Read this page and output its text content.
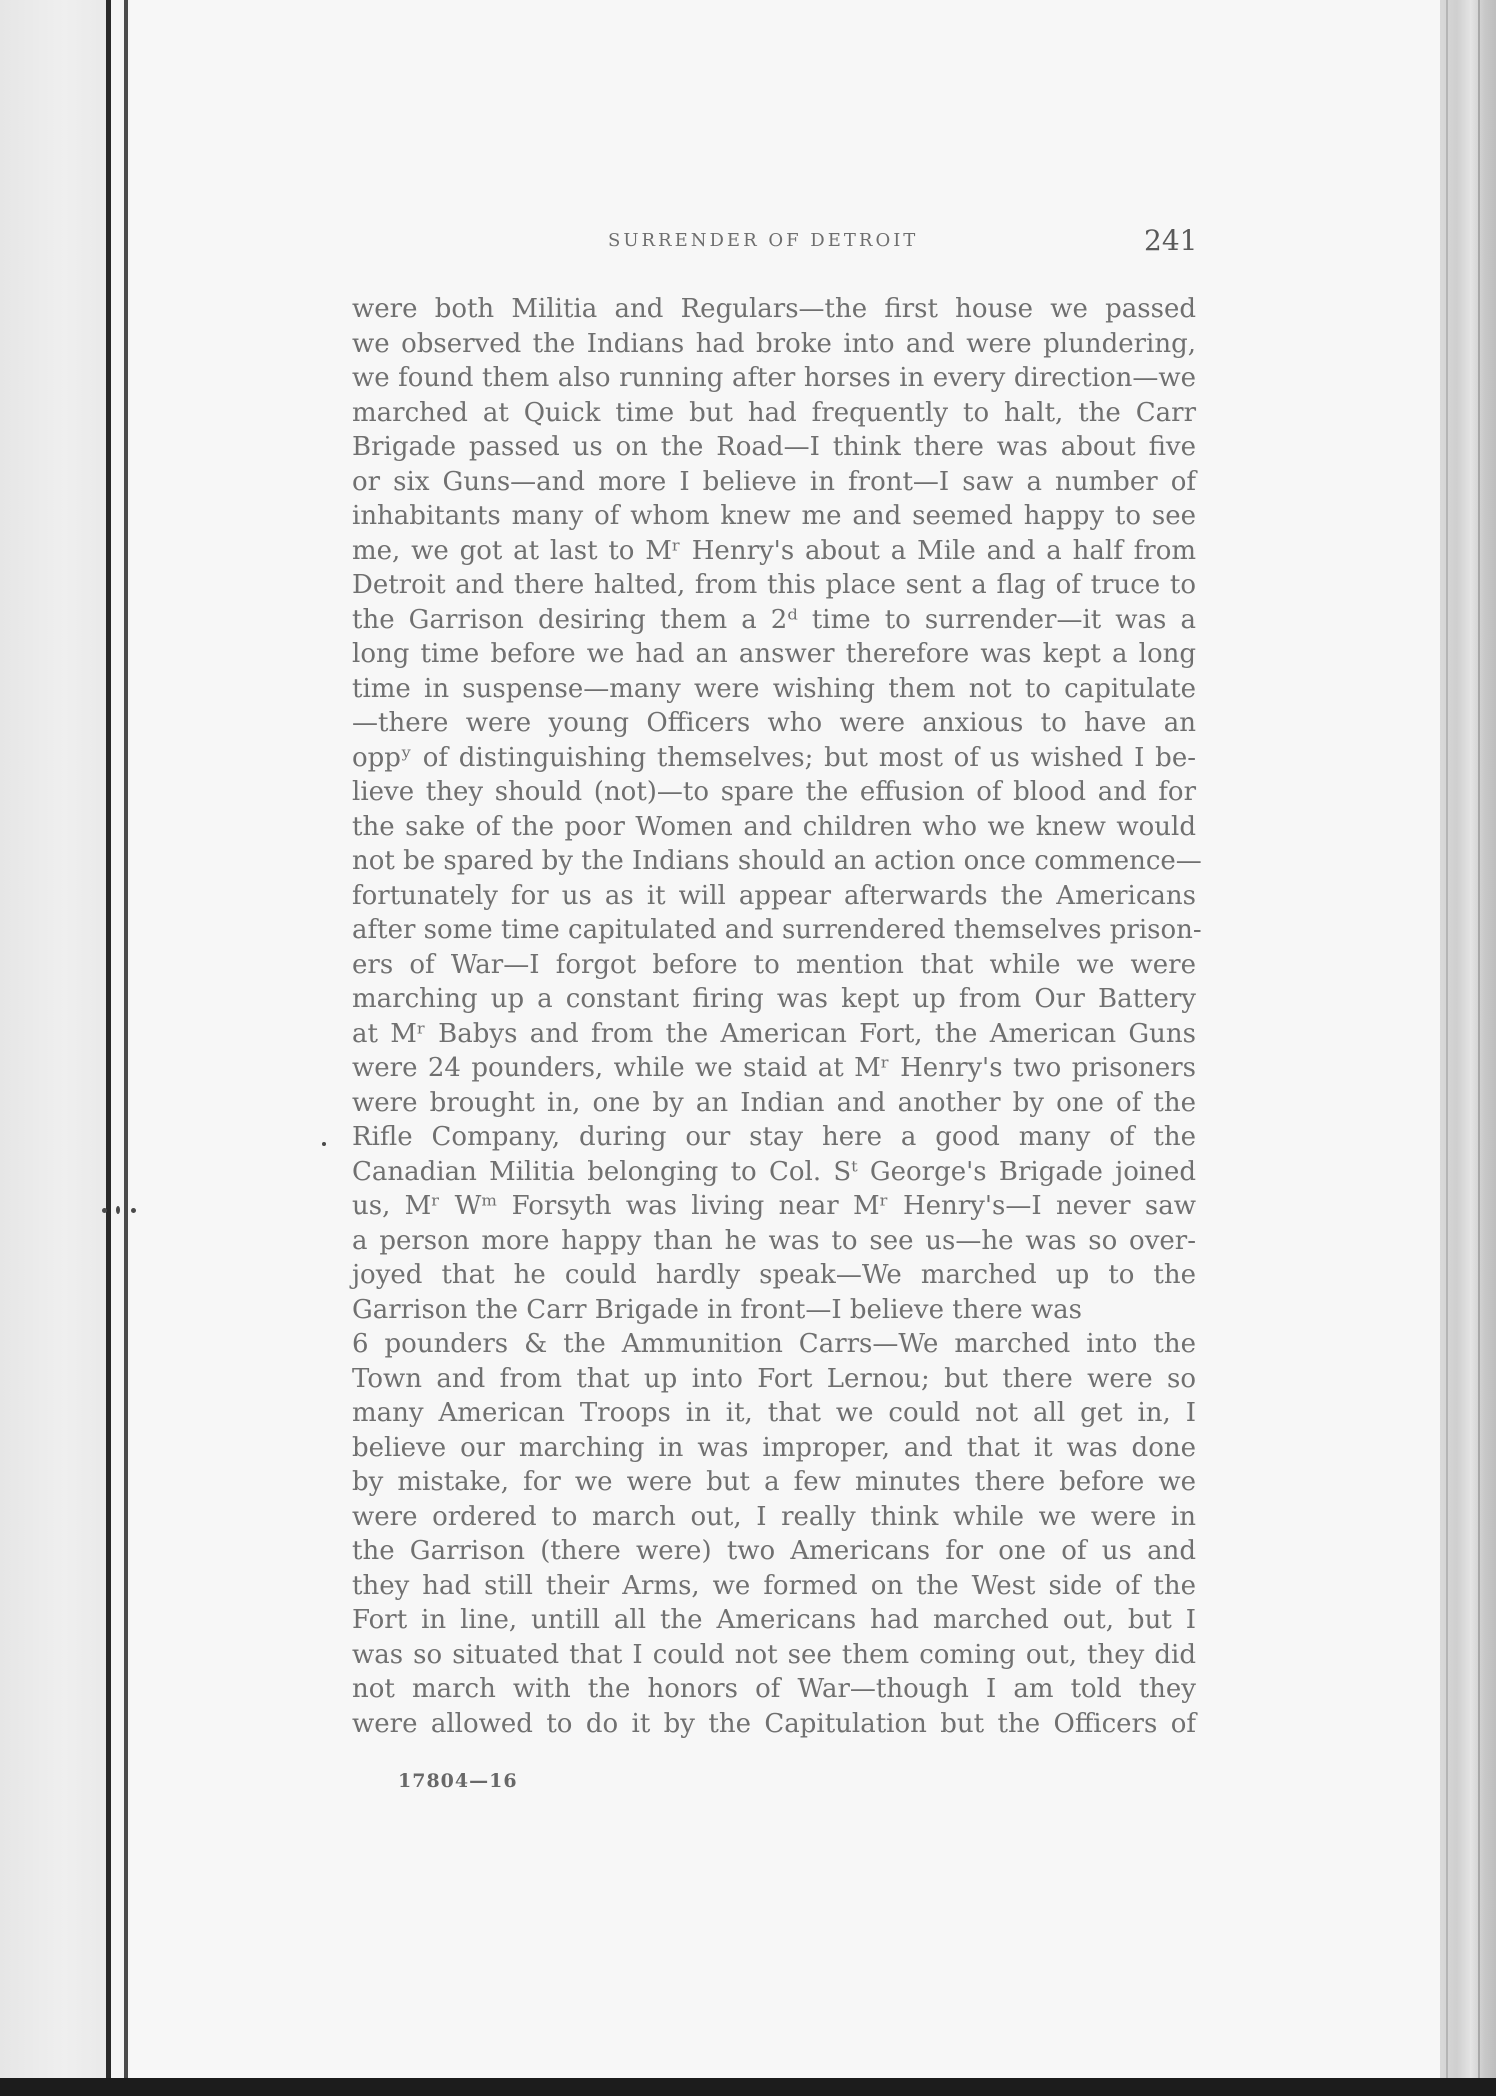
SURRENDER OF DETROIT	241
were both Militia and Regulars—the first house we passed
we observed the Indians had broke into and were plundering,
we found them also running after horses in every direction—we
marched at Quick time but had frequently to halt, the Carr
Brigade passed us on the Road—I think there was about five
or six Guns—and more I believe in front—I saw a number of
inhabitants many of whom knew me and seemed happy to see
me, we got at last to Mʳ Henry's about a Mile and a half from
Detroit and there halted, from this place sent a flag of truce to
the Garrison desiring them a 2ᵈ time to surrender—it was a
long time before we had an answer therefore was kept a long
time in suspense—many were wishing them not to capitulate
—there were young Officers who were anxious to have an
oppʸ of distinguishing themselves; but most of us wished I be-
lieve they should (not)—to spare the effusion of blood and for
the sake of the poor Women and children who we knew would
not be spared by the Indians should an action once commence—
fortunately for us as it will appear afterwards the Americans
after some time capitulated and surrendered themselves prison-
ers of War—I forgot before to mention that while we were
marching up a constant firing was kept up from Our Battery
at Mʳ Babys and from the American Fort, the American Guns
were 24 pounders, while we staid at Mʳ Henry's two prisoners
were brought in, one by an Indian and another by one of the
Rifle Company, during our stay here a good many of the
Canadian Militia belonging to Col. Sᵗ George's Brigade joined
us, Mʳ Wᵐ Forsyth was living near Mʳ Henry's—I never saw
a person more happy than he was to see us—he was so over-
joyed that he could hardly speak—We marched up to the
Garrison the Carr Brigade in front—I believe there was
6 pounders & the Ammunition Carrs—We marched into the
Town and from that up into Fort Lernou; but there were so
many American Troops in it, that we could not all get in, I
believe our marching in was improper, and that it was done
by mistake, for we were but a few minutes there before we
were ordered to march out, I really think while we were in
the Garrison (there were) two Americans for one of us and
they had still their Arms, we formed on the West side of the
Fort in line, untill all the Americans had marched out, but I
was so situated that I could not see them coming out, they did
not march with the honors of War—though I am told they
were allowed to do it by the Capitulation but the Officers of
17804—16
